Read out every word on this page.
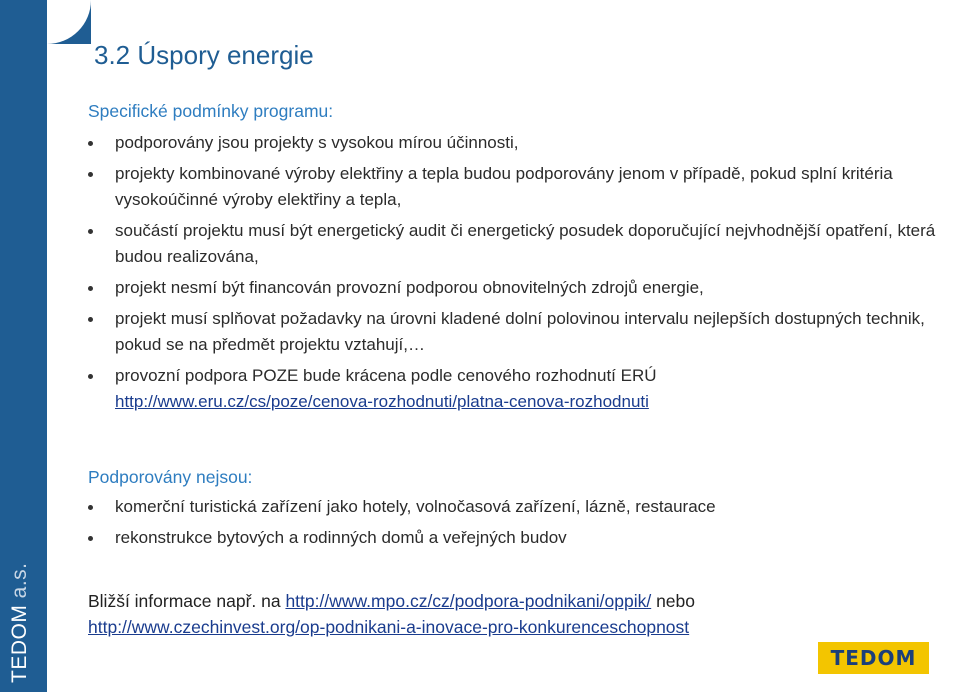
TEDOM a.s.
3.2 Úspory energie
Specifické podmínky programu:
podporovány jsou projekty s vysokou mírou účinnosti,
projekty kombinované výroby elektřiny a tepla budou podporovány jenom v případě, pokud splní kritéria vysokoúčinné výroby elektřiny a tepla,
součástí projektu musí být energetický audit či energetický posudek doporučující nejvhodnější opatření, která budou realizována,
projekt nesmí být financován provozní podporou obnovitelných zdrojů energie,
projekt musí splňovat požadavky na úrovni kladené dolní polovinou intervalu nejlepších dostupných technik, pokud se na předmět projektu vztahují,…
provozní podpora POZE bude krácena podle cenového rozhodnutí ERÚ
http://www.eru.cz/cs/poze/cenova-rozhodnuti/platna-cenova-rozhodnuti
Podporovány nejsou:
komerční turistická zařízení jako hotely, volnočasová zařízení, lázně, restaurace
rekonstrukce bytových a rodinných domů a veřejných budov
Bližší informace např. na http://www.mpo.cz/cz/podpora-podnikani/oppik/ nebo
http://www.czechinvest.org/op-podnikani-a-inovace-pro-konkurenceschopnost
TEDOM
